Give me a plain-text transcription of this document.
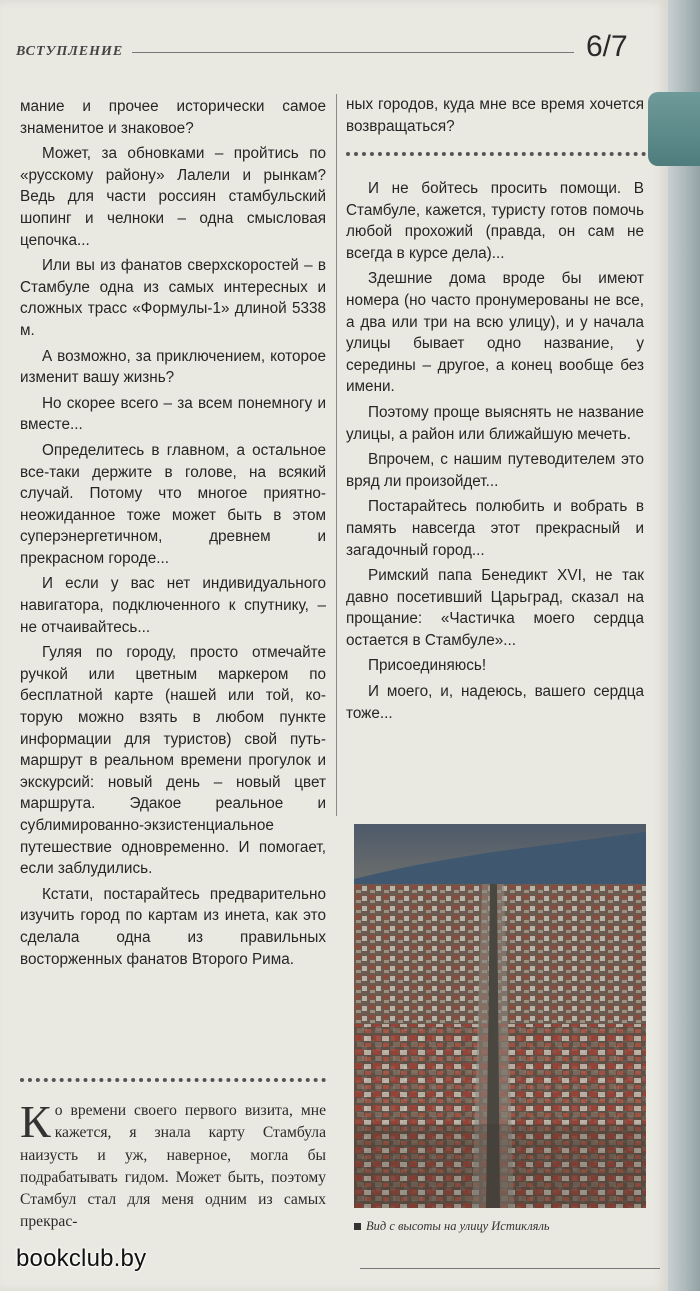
ВСТУПЛЕНИЕ	6/7

мание и прочее исторически самое знаменитое и знаковое?

Может, за обновками – пройтись по «русскому району» Лалели и рынкам? Ведь для части россиян стамбульский шопинг и челноки – одна смысловая цепочка...

Или вы из фанатов сверхскоростей – в Стамбуле одна из самых интересных и сложных трасс «Формулы-1» длиной 5338 м.

А возможно, за приключением, которое изменит вашу жизнь?

Но скорее всего – за всем понемногу и вместе...

Определитесь в главном, а остальное все-таки держите в голове, на всякий случай. Потому что многое приятно-неожиданное тоже может быть в этом суперэнергетичном, древнем и прекрасном городе...

И если у вас нет индивидуального навигатора, подключенного к спутнику, – не отчаивайтесь...

Гуляя по городу, просто отмечайте ручкой или цветным маркером по бесплатной карте (нашей или той, которую можно взять в любом пункте информации для туристов) свой путьмаршрут в реальном времени прогулок и экскурсий: новый день – новый цвет маршрута. Эдакое реальное и сублимированно-экзистенциальное путешествие одновременно. И помогает, если заблудились.

Кстати, постарайтесь предварительно изучить город по картам из инета, как это сделала одна из правильных восторженных фанатов Второго Рима.

ных городов, куда мне все время хочется возвращаться?

И не бойтесь просить помощи. В Стамбуле, кажется, туристу готов помочь любой прохожий (правда, он сам не всегда в курсе дела)...

Здешние дома вроде бы имеют номера (но часто пронумерованы не все, а два или три на всю улицу), и у начала улицы бывает одно название, у середины – другое, а конец вообще без имени.

Поэтому проще выяснять не название улицы, а район или ближайшую мечеть.

Впрочем, с нашим путеводителем это вряд ли произойдет...

Постарайтесь полюбить и вобрать в память навсегда этот прекрасный и загадочный город...

Римский папа Бенедикт XVI, не так давно посетивший Царьград, сказал на прощание: «Частичка моего сердца остается в Стамбуле»...

Присоединяюсь!

И моего, и, надеюсь, вашего сердца тоже...

Ко времени своего первого визита, мне кажется, я знала карту Стамбула наизусть и уж, наверное, могла бы подрабатывать гидом. Может быть, поэтому Стамбул стал для меня одним из самых прекрас-	Вид с высоты на улицу Истикляль
bookclub.by
